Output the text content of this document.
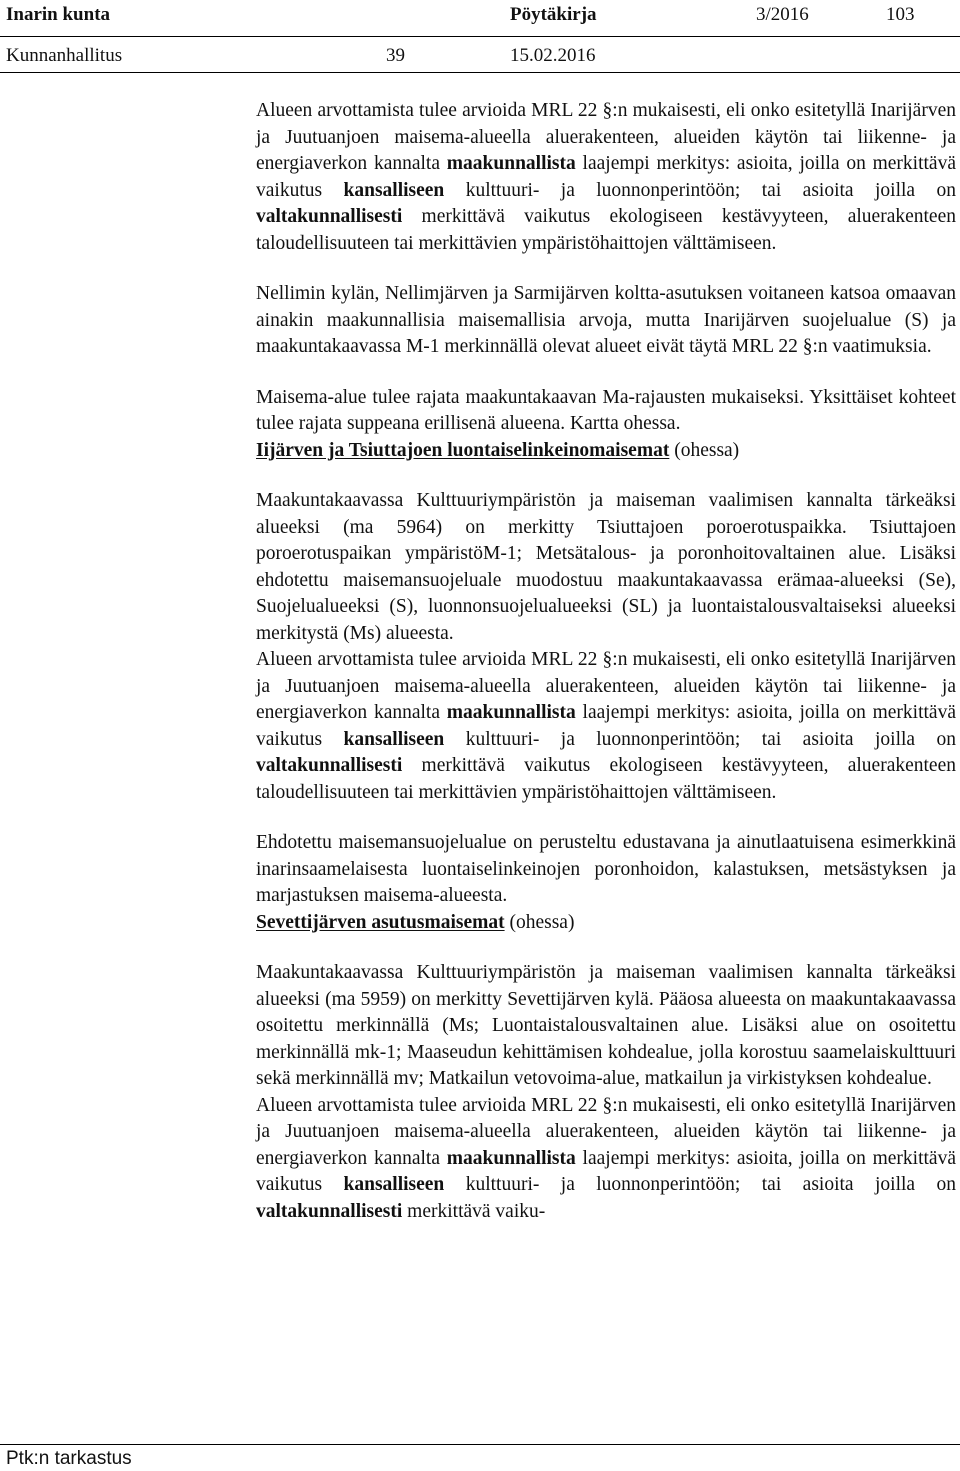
Inarin kunta	Pöytäkirja	3/2016	103
Kunnanhallitus	39	15.02.2016

Alueen arvottamista tulee arvioida MRL 22 §:n mukaisesti, eli onko esitetyllä Inarijärven ja Juutuanjoen maisema-alueella aluerakenteen, alueiden käytön tai liikenne- ja energiaverkon kannalta maakunnallista laajempi merkitys: asioita, joilla on merkittävä vaikutus kansalliseen kulttuuri- ja luonnonperintöön; tai asioita joilla on valtakunnallisesti merkittävä vaikutus ekologiseen kestävyyteen, aluerakenteen taloudellisuuteen tai merkittävien ympäristöhaittojen välttämiseen.

Nellimin kylän, Nellimjärven ja Sarmijärven koltta-asutuksen voitaneen katsoa omaavan ainakin maakunnallisia maisemallisia arvoja, mutta Inarijärven suojelualue (S) ja maakuntakaavassa M-1 merkinnällä olevat alueet eivät täytä MRL 22 §:n vaatimuksia.

Maisema-alue tulee rajata maakuntakaavan Ma-rajausten mukaiseksi. Yksittäiset kohteet tulee rajata suppeana erillisenä alueena. Kartta ohessa.

Iijärven ja Tsiuttajoen luontaiselinkeinomaisemat (ohessa)

Maakuntakaavassa Kulttuuriympäristön ja maiseman vaalimisen kannalta tärkeäksi alueeksi (ma 5964) on merkitty Tsiuttajoen poroerotuspaikka. Tsiuttajoen poroerotuspaikan ympäristöM-1; Metsätalous- ja poronhoitovaltainen alue. Lisäksi ehdotettu maisemansuojeluale muodostuu maakuntakaavassa erämaa-alueeksi (Se), Suojelualueeksi (S), luonnonsuojelualueeksi (SL) ja luontaistalousvaltaiseksi alueeksi merkitystä (Ms) alueesta.

Alueen arvottamista tulee arvioida MRL 22 §:n mukaisesti, eli onko esitetyllä Inarijärven ja Juutuanjoen maisema-alueella aluerakenteen, alueiden käytön tai liikenne- ja energiaverkon kannalta maakunnallista laajempi merkitys: asioita, joilla on merkittävä vaikutus kansalliseen kulttuuri- ja luonnonperintöön; tai asioita joilla on valtakunnallisesti merkittävä vaikutus ekologiseen kestävyyteen, aluerakenteen taloudellisuuteen tai merkittävien ympäristöhaittojen välttämiseen.

Ehdotettu maisemansuojelualue on perusteltu edustavana ja ainutlaatuisena esimerkkinä inarinsaamelaisesta luontaiselinkeinojen poronhoidon, kalastuksen, metsästyksen ja marjastuksen maisema-alueesta.

Sevettijärven asutusmaisemat (ohessa)

Maakuntakaavassa Kulttuuriympäristön ja maiseman vaalimisen kannalta tärkeäksi alueeksi (ma 5959) on merkitty Sevettijärven kylä. Pääosa alueesta on maakuntakaavassa osoitettu merkinnällä (Ms; Luontaistalousvaltainen alue. Lisäksi alue on osoitettu merkinnällä mk-1; Maaseudun kehittämisen kohdealue, jolla korostuu saamelaiskulttuuri sekä merkinnällä mv; Matkailun vetovoima-alue, matkailun ja virkistyksen kohdealue.

Alueen arvottamista tulee arvioida MRL 22 §:n mukaisesti, eli onko esitetyllä Inarijärven ja Juutuanjoen maisema-alueella aluerakenteen, alueiden käytön tai liikenne- ja energiaverkon kannalta maakunnallista laajempi merkitys: asioita, joilla on merkittävä vaikutus kansalliseen kulttuuri- ja luonnonperintöön; tai asioita joilla on valtakunnallisesti merkittävä vaiku-

Ptk:n tarkastus
